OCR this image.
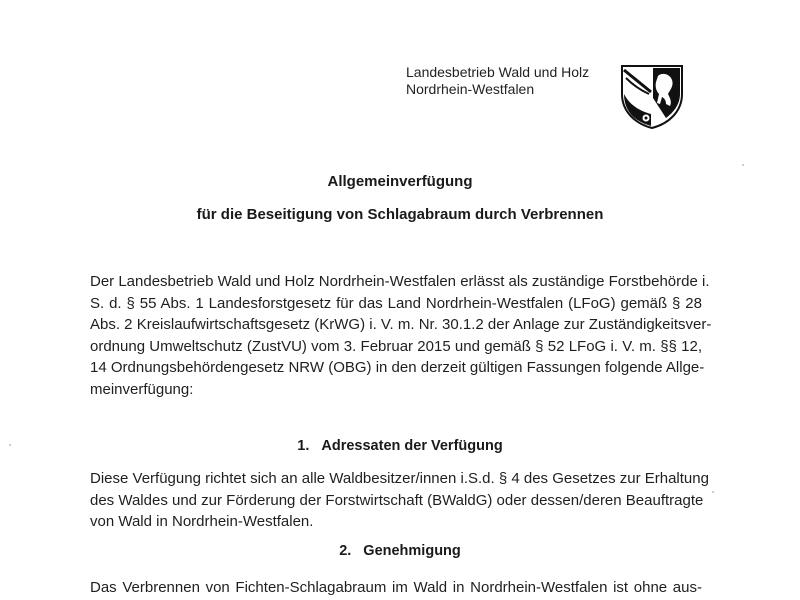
Landesbetrieb Wald und Holz
Nordrhein-Westfalen
Allgemeinverfügung
für die Beseitigung von Schlagabraum durch Verbrennen
Der Landesbetrieb Wald und Holz Nordrhein-Westfalen erlässt als zuständige Forstbehörde i.
S. d. § 55 Abs. 1 Landesforstgesetz für das Land Nordrhein-Westfalen (LFoG) gemäß § 28
Abs. 2 Kreislaufwirtschaftsgesetz (KrWG) i. V. m. Nr. 30.1.2 der Anlage zur Zuständigkeitsver-
ordnung Umweltschutz (ZustVU) vom 3. Februar 2015 und gemäß § 52 LFoG i. V. m. §§ 12,
14 Ordnungsbehördengesetz NRW (OBG) in den derzeit gültigen Fassungen folgende Allge-
meinverfügung:
1. Adressaten der Verfügung
Diese Verfügung richtet sich an alle Waldbesitzer/innen i.S.d. § 4 des Gesetzes zur Erhaltung
des Waldes und zur Förderung der Forstwirtschaft (BWaldG) oder dessen/deren Beauftragte
von Wald in Nordrhein-Westfalen.
2. Genehmigung
Das Verbrennen von Fichten-Schlagabraum im Wald in Nordrhein-Westfalen ist ohne aus-
